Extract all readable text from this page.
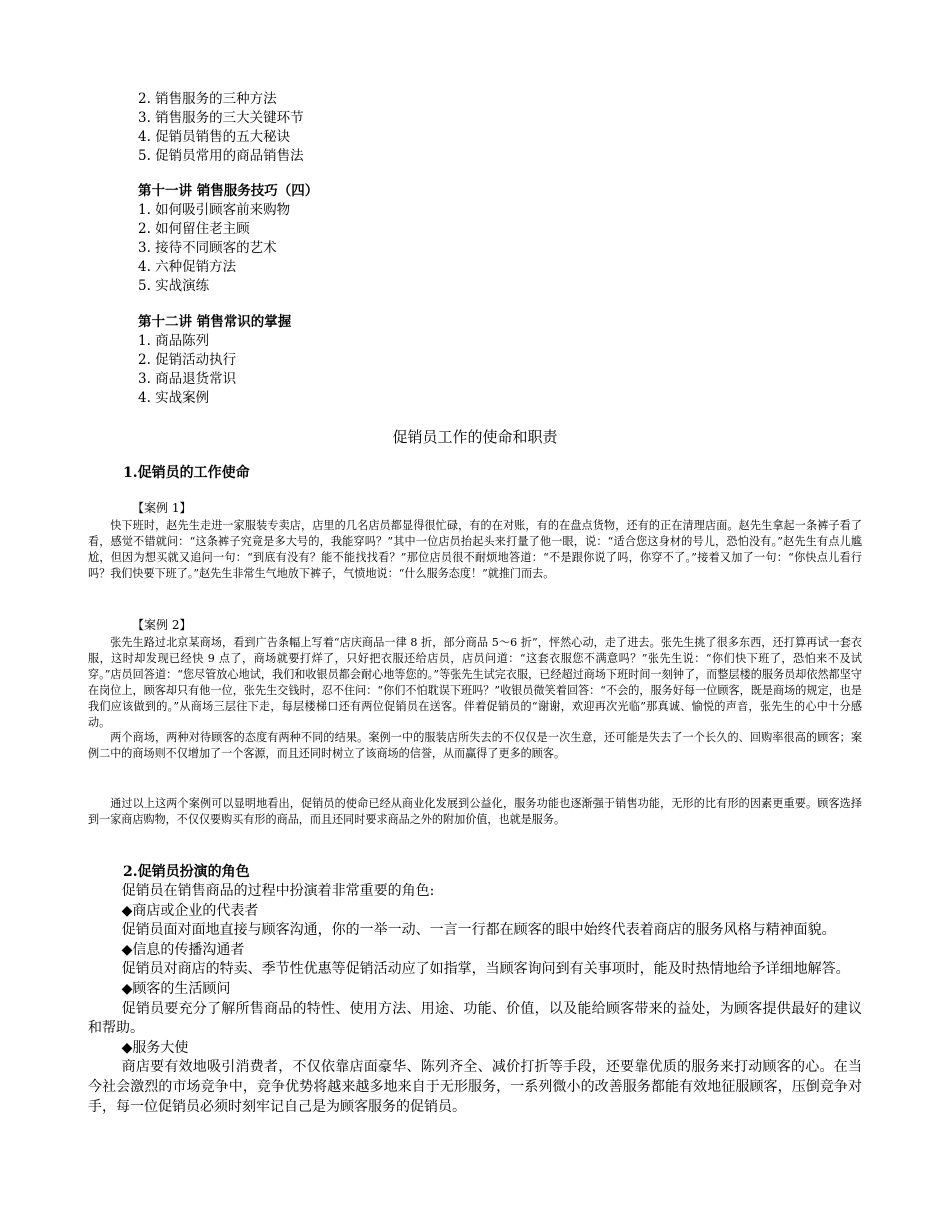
2. 销售服务的三种方法
3. 销售服务的三大关键环节
4. 促销员销售的五大秘诀
5. 促销员常用的商品销售法
第十一讲 销售服务技巧（四）
1. 如何吸引顾客前来购物
2. 如何留住老主顾
3. 接待不同顾客的艺术
4. 六种促销方法
5. 实战演练
第十二讲 销售常识的掌握
1. 商品陈列
2. 促销活动执行
3. 商品退货常识
4. 实战案例
促销员工作的使命和职责
1.促销员的工作使命
【案例 1】

快下班时，赵先生走进一家服装专卖店，店里的几名店员都显得很忙碌，有的在对账，有的在盘点货物，还有的正在清理店面。赵先生拿起一条裤子看了看，感觉不错就问：“这条裤子究竟是多大号的，我能穿吗？”其中一位店员抬起头来打量了他一眼，说：“适合您这身材的号儿，恐怕没有。”赵先生有点儿尴尬，但因为想买就又追问一句：“到底有没有？能不能找找看？”那位店员很不耐烦地答道：“不是跟你说了吗，你穿不了。”接着又加了一句：“你快点儿看行吗？我们快要下班了。”赵先生非常生气地放下裤子，气愤地说：“什么服务态度！”就推门而去。

【案例 2】

张先生路过北京某商场，看到广告条幅上写着“店庆商品一律 8 折，部分商品 5～6 折”，怦然心动，走了进去。张先生挑了很多东西，还打算再试一套衣服，这时却发现已经快 9 点了，商场就要打烊了，只好把衣服还给店员，店员问道：“这套衣服您不满意吗？”张先生说：“你们快下班了，恐怕来不及试穿。”店员回答道：“您尽管放心地试，我们和收银员都会耐心地等您的。”等张先生试完衣服，已经超过商场下班时间一刻钟了，而整层楼的服务员却依然都坚守在岗位上，顾客却只有他一位，张先生交钱时，忍不住问：“你们不怕耽误下班吗？”收银员微笑着回答：“不会的，服务好每一位顾客，既是商场的规定，也是我们应该做到的。”从商场三层往下走，每层楼梯口还有两位促销员在送客。伴着促销员的“谢谢，欢迎再次光临”那真诚、愉悦的声音，张先生的心中十分感动。

两个商场，两种对待顾客的态度有两种不同的结果。案例一中的服装店所失去的不仅仅是一次生意，还可能是失去了一个长久的、回购率很高的顾客；案例二中的商场则不仅增加了一个客源，而且还同时树立了该商场的信誉，从而赢得了更多的顾客。

通过以上这两个案例可以显明地看出，促销员的使命已经从商业化发展到公益化，服务功能也逐渐强于销售功能，无形的比有形的因素更重要。顾客选择到一家商店购物，不仅仅要购买有形的商品，而且还同时要求商品之外的附加价值，也就是服务。

2.促销员扮演的角色

促销员在销售商品的过程中扮演着非常重要的角色:

◆商店或企业的代表者

促销员面对面地直接与顾客沟通，你的一举一动、一言一行都在顾客的眼中始终代表着商店的服务风格与精神面貌。

◆信息的传播沟通者

促销员对商店的特卖、季节性优惠等促销活动应了如指掌，当顾客询问到有关事项时，能及时热情地给予详细地解答。

◆顾客的生活顾问

促销员要充分了解所售商品的特性、使用方法、用途、功能、价值，以及能给顾客带来的益处，为顾客提供最好的建议和帮助。

◆服务大使

商店要有效地吸引消费者，不仅依靠店面豪华、陈列齐全、减价打折等手段，还要靠优质的服务来打动顾客的心。在当今社会激烈的市场竞争中，竞争优势将越来越多地来自于无形服务，一系列微小的改善服务都能有效地征服顾客，压倒竞争对手，每一位促销员必须时刻牢记自己是为顾客服务的促销员。
